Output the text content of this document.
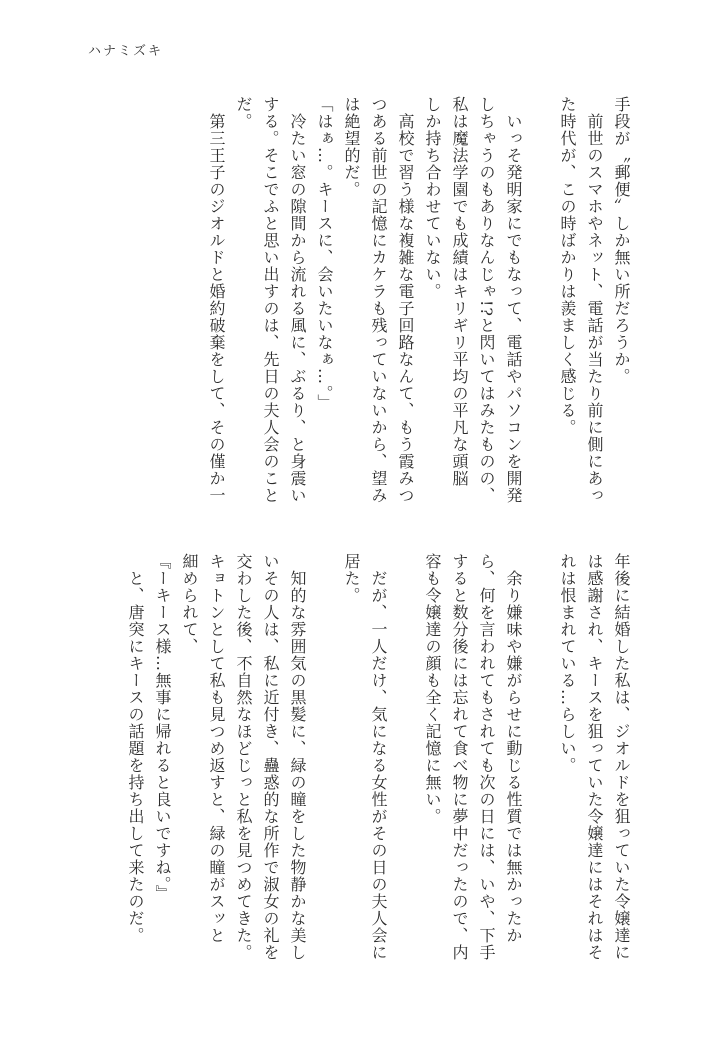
ハナミズキ

手段が〝郵便〟しか無い所だろうか。

　前世のスマホやネット、電話が当たり前に側にあっ

た時代が、この時ばかりは羨ましく感じる。

　いっそ発明家にでもなって、電話やパソコンを開発

しちゃうのもありなんじゃ!?と閃いてはみたものの、

私は魔法学園でも成績はキリギリ平均の平凡な頭脳

しか持ち合わせていない。

　高校で習う様な複雑な電子回路なんて、もう霞みつ

つある前世の記憶にカケラも残っていないから、望み

は絶望的だ。

「はぁ…。キースに、会いたいなぁ…。」

　冷たい窓の隙間から流れる風に、ぶるり、と身震い

する。そこでふと思い出すのは、先日の夫人会のこと

だ。

　第三王子のジオルドと婚約破棄をして、その僅か一

年後に結婚した私は、ジオルドを狙っていた令嬢達に

は感謝され、キースを狙っていた令嬢達にはそれはそ

れは恨まれている…らしい。

　余り嫌味や嫌がらせに動じる性質では無かったか

ら、何を言われてもされても次の日には、いや、下手

すると数分後には忘れて食べ物に夢中だったので、内

容も令嬢達の顔も全く記憶に無い。

　だが、一人だけ、気になる女性がその日の夫人会に

居た。

　知的な雰囲気の黒髪に、緑の瞳をした物静かな美し

いその人は、私に近付き、蠱惑的な所作で淑女の礼を

交わした後、不自然なほどじっと私を見つめてきた。

キョトンとして私も見つめ返すと、緑の瞳がスッと

細められて、

『ーキース様…無事に帰れると良いですね。』

　と、唐突にキースの話題を持ち出して来たのだ。
